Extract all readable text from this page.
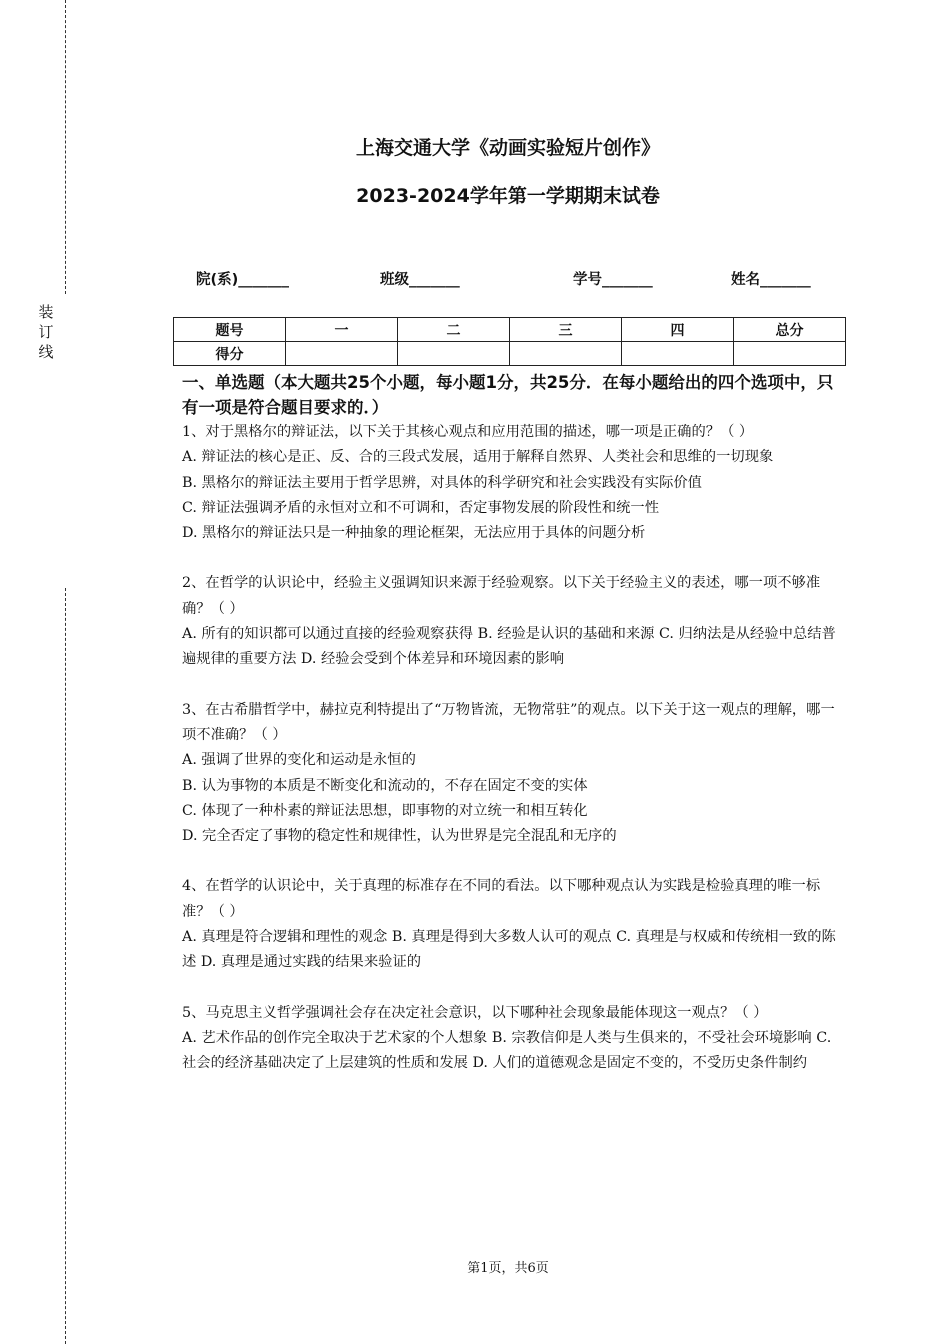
装
订
线
上海交通大学《动画实验短片创作》
2023-2024学年第一学期期末试卷
院(系)_______	班级_______	学号_______	姓名_______
题号	一	二	三	四	总分
得分					

一、单选题（本大题共25个小题，每小题1分，共25分．在每小题给出的四个选项中，只有一项是符合题目要求的．）

1、对于黑格尔的辩证法，以下关于其核心观点和应用范围的描述，哪一项是正确的？（ ）

A. 辩证法的核心是正、反、合的三段式发展，适用于解释自然界、人类社会和思维的一切现象

B. 黑格尔的辩证法主要用于哲学思辨，对具体的科学研究和社会实践没有实际价值

C. 辩证法强调矛盾的永恒对立和不可调和，否定事物发展的阶段性和统一性

D. 黑格尔的辩证法只是一种抽象的理论框架，无法应用于具体的问题分析

2、在哲学的认识论中，经验主义强调知识来源于经验观察。以下关于经验主义的表述，哪一项不够准确？（ ）

A. 所有的知识都可以通过直接的经验观察获得 B. 经验是认识的基础和来源 C. 归纳法是从经验中总结普遍规律的重要方法 D. 经验会受到个体差异和环境因素的影响

3、在古希腊哲学中，赫拉克利特提出了“万物皆流，无物常驻”的观点。以下关于这一观点的理解，哪一项不准确？（ ）

A. 强调了世界的变化和运动是永恒的

B. 认为事物的本质是不断变化和流动的，不存在固定不变的实体

C. 体现了一种朴素的辩证法思想，即事物的对立统一和相互转化

D. 完全否定了事物的稳定性和规律性，认为世界是完全混乱和无序的

4、在哲学的认识论中，关于真理的标准存在不同的看法。以下哪种观点认为实践是检验真理的唯一标准？（ ）

A. 真理是符合逻辑和理性的观念 B. 真理是得到大多数人认可的观点 C. 真理是与权威和传统相一致的陈述 D. 真理是通过实践的结果来验证的

5、马克思主义哲学强调社会存在决定社会意识，以下哪种社会现象最能体现这一观点？（ ）

A. 艺术作品的创作完全取决于艺术家的个人想象 B. 宗教信仰是人类与生俱来的，不受社会环境影响 C. 社会的经济基础决定了上层建筑的性质和发展 D. 人们的道德观念是固定不变的，不受历史条件制约

第1页，共6页
